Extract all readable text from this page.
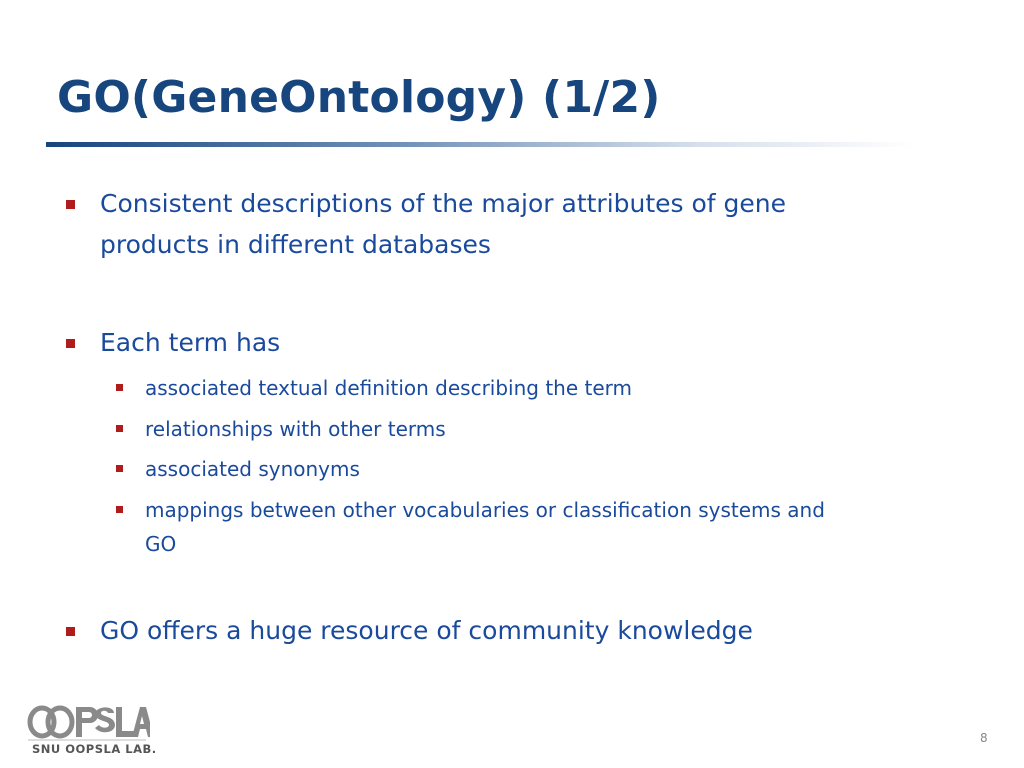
GO(GeneOntology) (1/2)
Consistent descriptions of the major attributes of gene
products in different databases
Each term has
associated textual definition describing the term
relationships with other terms
associated synonyms
mappings between other vocabularies or classification systems and
GO
GO offers a huge resource of community knowledge
SNU OOPSLA LAB.
8
